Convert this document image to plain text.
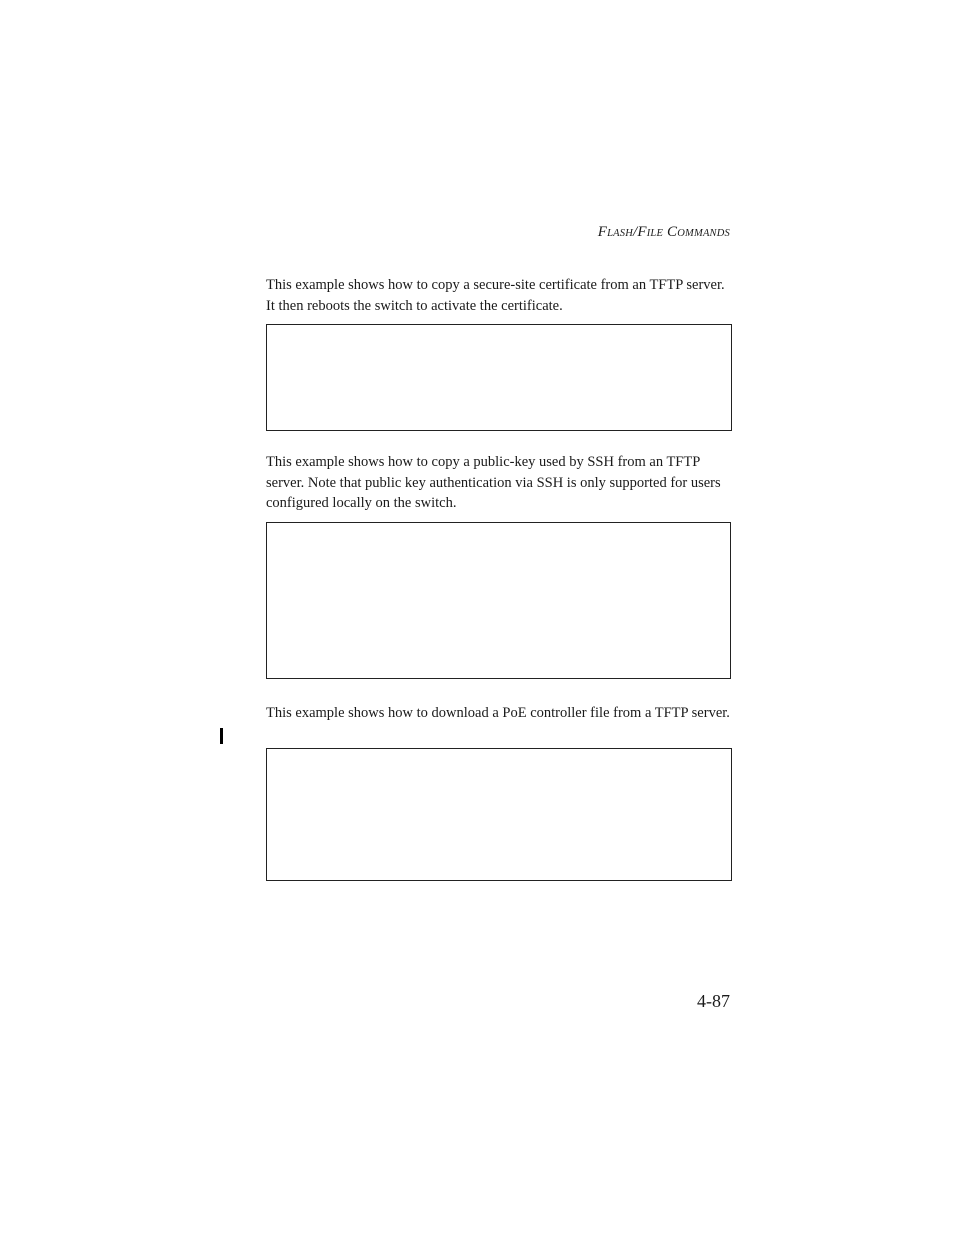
FLASH/FILE COMMANDS

This example shows how to copy a secure-site certificate from an TFTP server. It then reboots the switch to activate the certificate.

This example shows how to copy a public-key used by SSH from an TFTP server. Note that public key authentication via SSH is only supported for users configured locally on the switch.

This example shows how to download a PoE controller file from a TFTP server.

4-87
